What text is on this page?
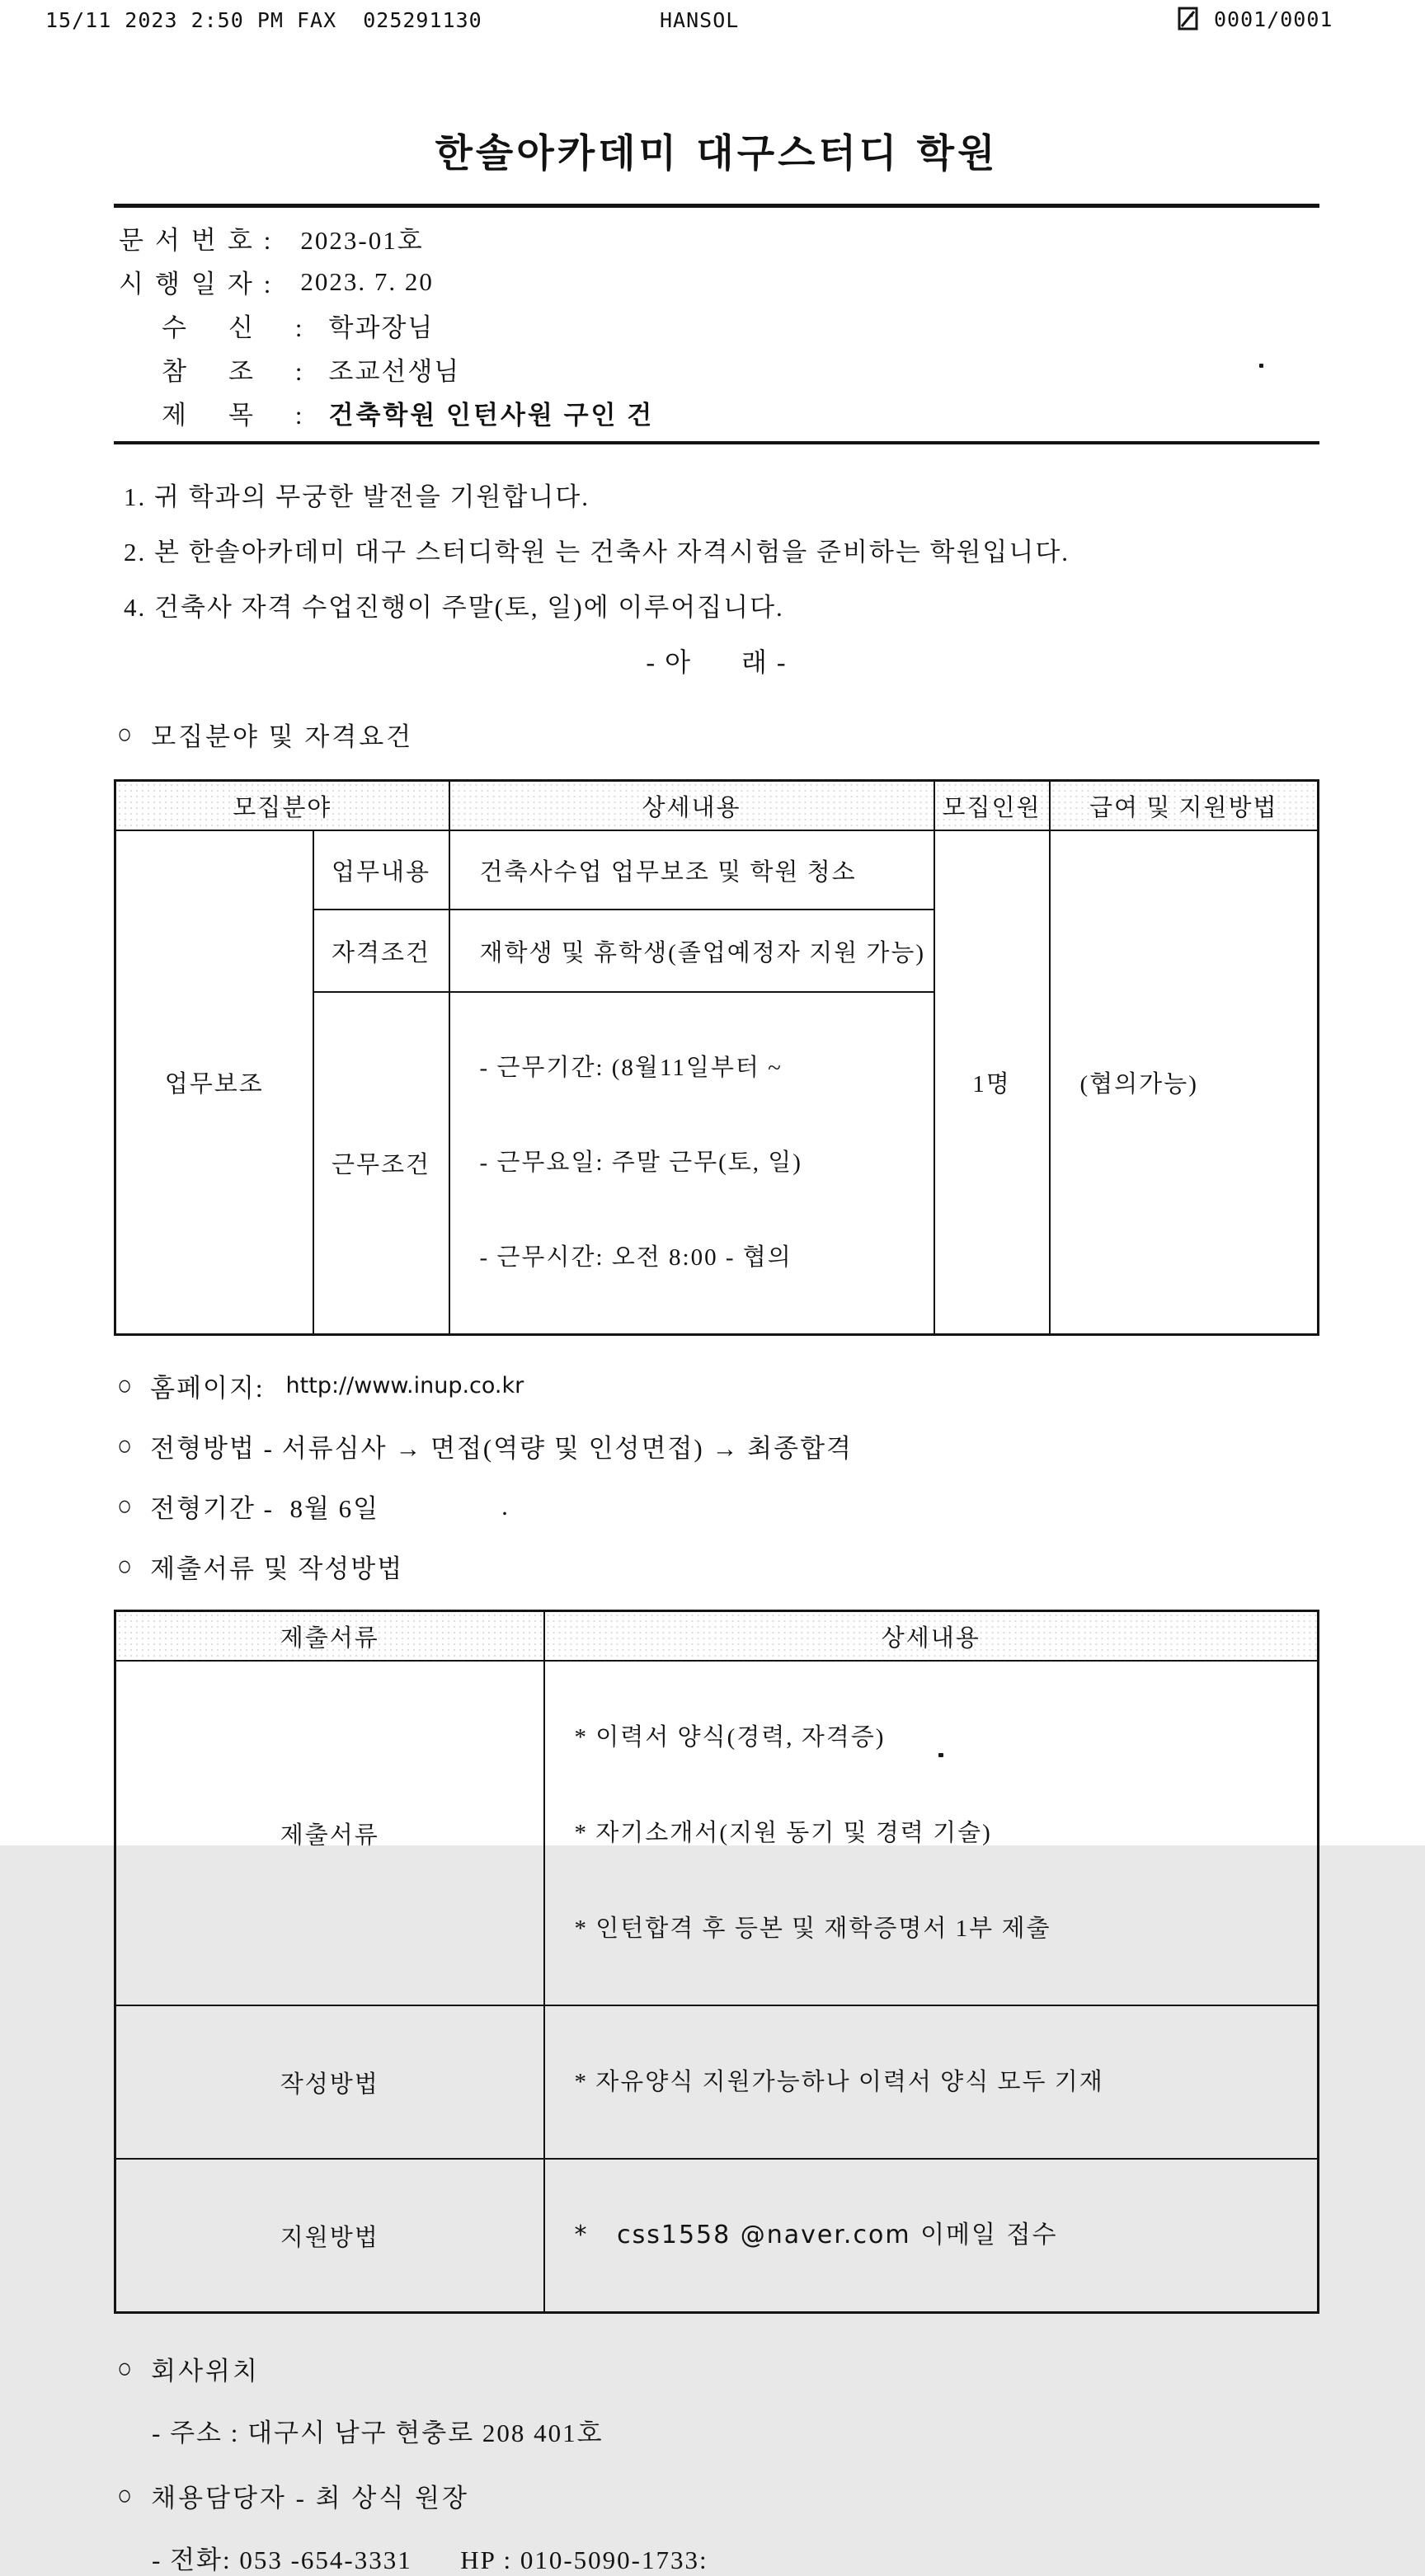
15/11 2023 2:50 PM FAX  025291130	HANSOL	0001/0001
한솔아카데미 대구스터디 학원
문서번호: 2023-01호
시행일자: 2023. 7. 20
수    신    : 학과장님
참    조    : 조교선생님
제    목    : 건축학원 인턴사원 구인 건
1. 귀 학과의 무궁한 발전을 기원합니다.
2. 본 한솔아카데미 대구 스터디학원 는 건축사 자격시험을 준비하는 학원입니다.
4. 건축사 자격 수업진행이 주말(토, 일)에 이루어집니다.
- 아      래 -
○ 모집분야 및 자격요건
모집분야		상세내용	모집인원	급여 및 지원방법
업무보조	업무내용	건축사수업 업무보조 및 학원 청소	1명	(협의가능)
	자격조건	재학생 및 휴학생(졸업예정자 지원 가능)		
	근무조건	- 근무기간: (8월11일부터 ~

- 근무요일: 주말 근무(토, 일)

- 근무시간: 오전 8:00 - 협의		

○ 홈페이지: http://www.inup.co.kr
○ 전형방법 - 서류심사 → 면접(역량 및 인성면접) → 최종합격
○ 전형기간 -  8월 6일	.
○ 제출서류 및 작성방법
제출서류	상세내용
제출서류	* 이력서 양식(경력, 자격증)

* 자기소개서(지원 동기 및 경력 기술)

* 인턴합격 후 등본 및 재학증명서 1부 제출

작성방법	* 자유양식 지원가능하나 이력서 양식 모두 기재

지원방법	*   css1558 @naver.com 이메일 접수

○ 회사위치
- 주소 : 대구시 남구 현충로 208 401호
○ 채용담당자 - 최 상식 원장
- 전화: 053 -654-3331      HP : 010-5090-1733:
